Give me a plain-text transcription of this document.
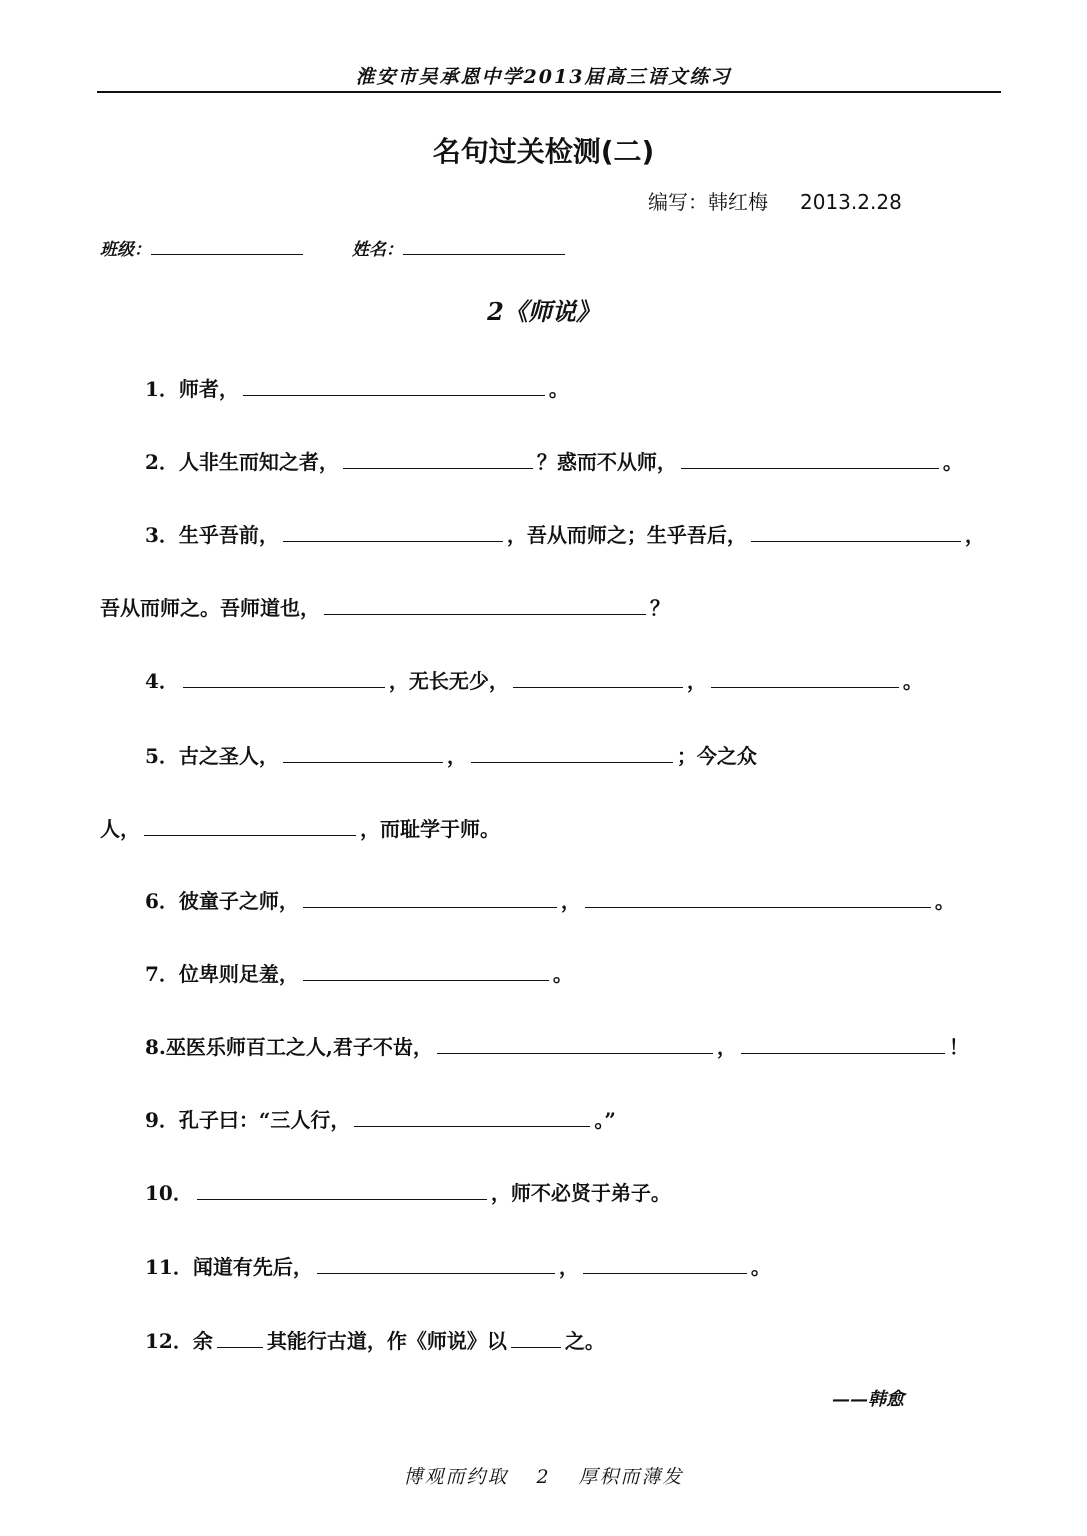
淮安市吴承恩中学2013届高三语文练习
名句过关检测(二)
编写：韩红梅 2013.2.28
班级：	姓名：
2《师说》
1．师者，	。
2．人非生而知之者，	？惑而不从师，	。
3．生乎吾前，	，吾从而师之；生乎吾后，	，
吾从而师之。吾师道也，	？
4．	，无长无少，	，	。
5．古之圣人，	，	；今之众
人，	，而耻学于师。
6．彼童子之师，	，	。
7．位卑则足羞，	。
8.巫医乐师百工之人,君子不齿，	，	！
9．孔子曰：“三人行，	。”
10．	，师不必贤于弟子。
11．闻道有先后，	，	。
12．余	其能行古道，作《师说》以	之。
——韩愈
博观而约取 2 厚积而薄发
